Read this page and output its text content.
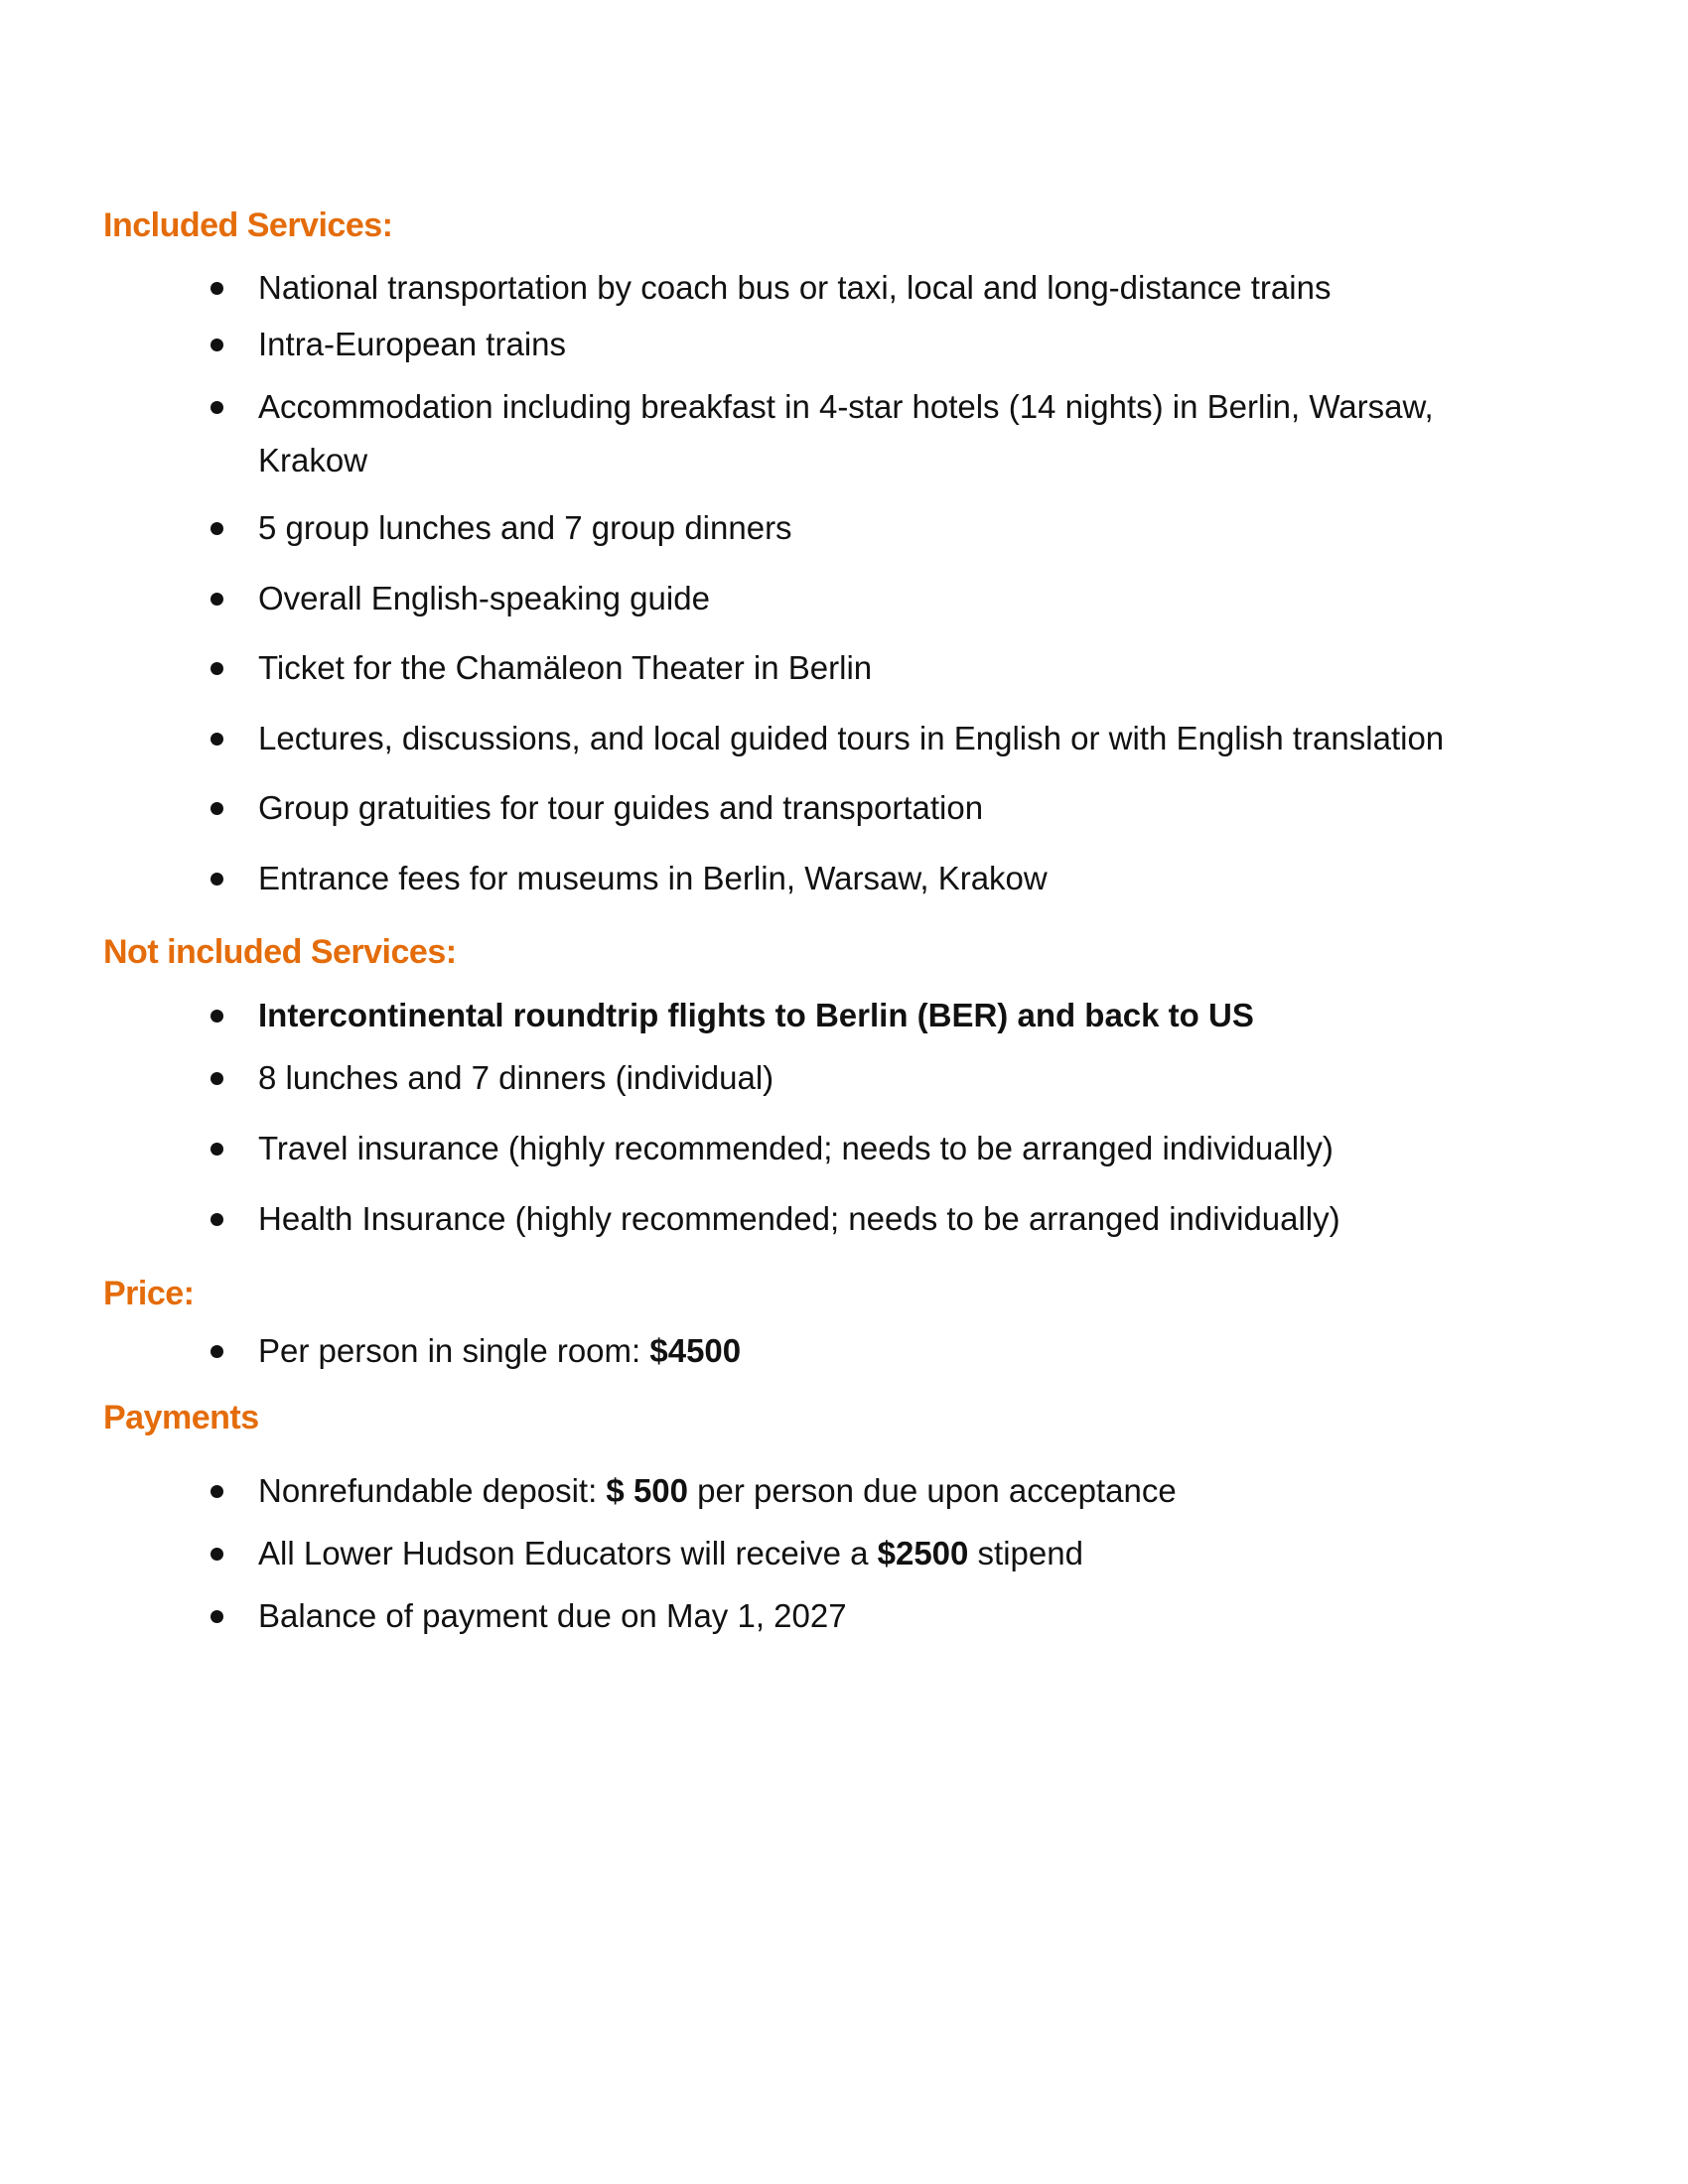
Included Services:
National transportation by coach bus or taxi, local and long-distance trains
Intra-European trains
Accommodation including breakfast in 4-star hotels (14 nights) in Berlin, Warsaw, Krakow
5 group lunches and 7 group dinners
Overall English-speaking guide
Ticket for the Chamäleon Theater in Berlin
Lectures, discussions, and local guided tours in English or with English translation
Group gratuities for tour guides and transportation
Entrance fees for museums in Berlin, Warsaw, Krakow
Not included Services:
Intercontinental roundtrip flights to Berlin (BER) and back to US
8 lunches and 7 dinners (individual)
Travel insurance (highly recommended; needs to be arranged individually)
Health Insurance (highly recommended; needs to be arranged individually)
Price:
Per person in single room: $4500
Payments
Nonrefundable deposit: $ 500 per person due upon acceptance
All Lower Hudson Educators will receive a $2500 stipend
Balance of payment due on May 1, 2027
